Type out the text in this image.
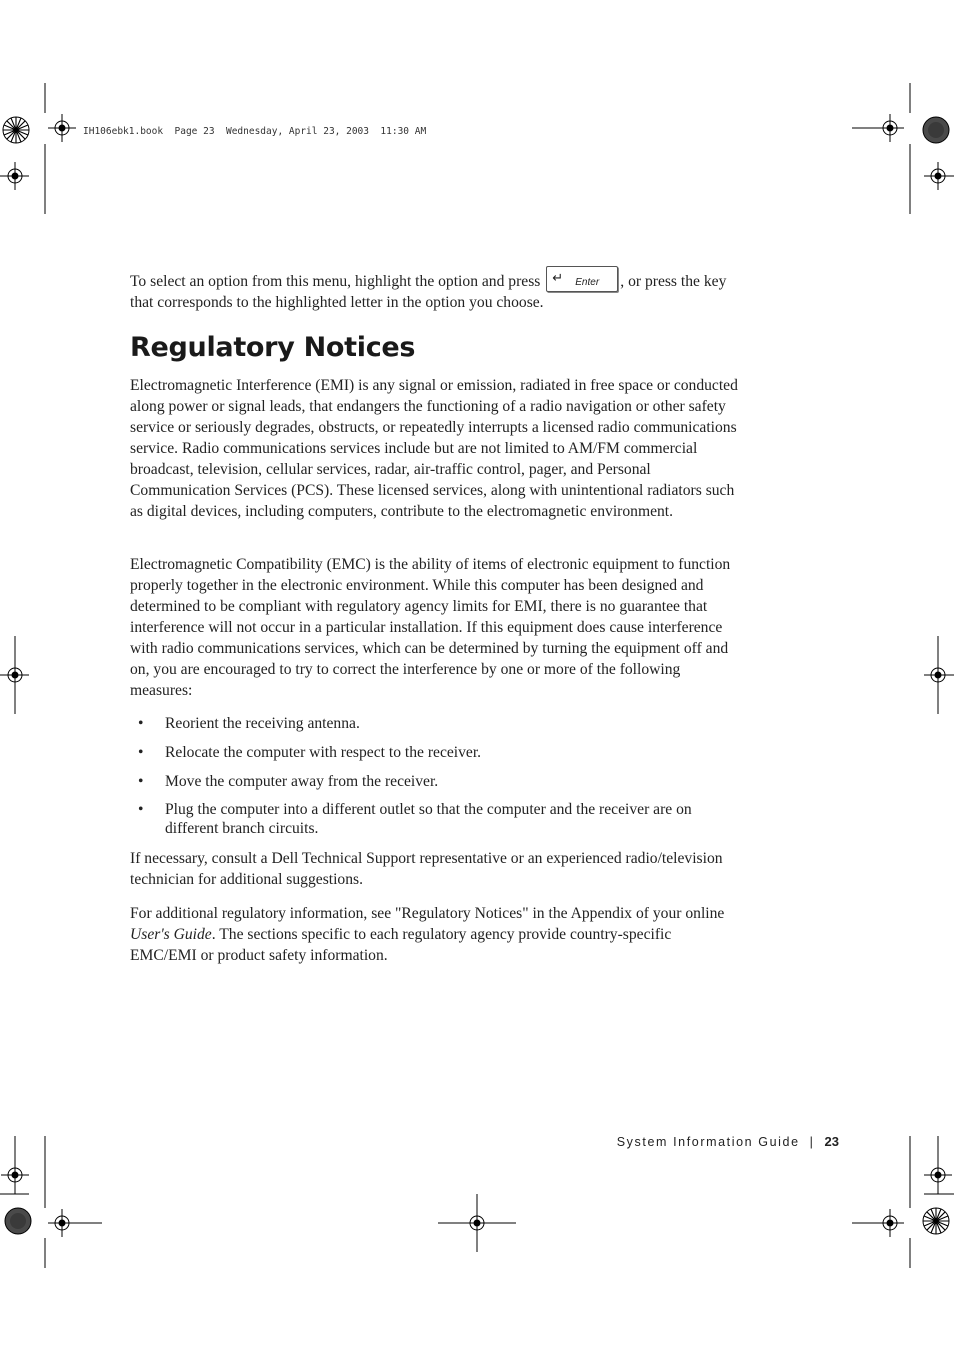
IH106ebk1.book  Page 23  Wednesday, April 23, 2003  11:30 AM

To select an option from this menu, highlight the option and press ↵ Enter , or press the key that corresponds to the highlighted letter in the option you choose.

Regulatory Notices

Electromagnetic Interference (EMI) is any signal or emission, radiated in free space or conducted along power or signal leads, that endangers the functioning of a radio navigation or other safety service or seriously degrades, obstructs, or repeatedly interrupts a licensed radio communications service. Radio communications services include but are not limited to AM/FM commercial broadcast, television, cellular services, radar, air-traffic control, pager, and Personal Communication Services (PCS). These licensed services, along with unintentional radiators such as digital devices, including computers, contribute to the electromagnetic environment.

Electromagnetic Compatibility (EMC) is the ability of items of electronic equipment to function properly together in the electronic environment. While this computer has been designed and determined to be compliant with regulatory agency limits for EMI, there is no guarantee that interference will not occur in a particular installation. If this equipment does cause interference with radio communications services, which can be determined by turning the equipment off and on, you are encouraged to try to correct the interference by one or more of the following measures:

• Reorient the receiving antenna.
• Relocate the computer with respect to the receiver.
• Move the computer away from the receiver.
• Plug the computer into a different outlet so that the computer and the receiver are on different branch circuits.

If necessary, consult a Dell Technical Support representative or an experienced radio/television technician for additional suggestions.

For additional regulatory information, see "Regulatory Notices" in the Appendix of your online User's Guide. The sections specific to each regulatory agency provide country-specific EMC/EMI or product safety information.

System Information Guide | 23
